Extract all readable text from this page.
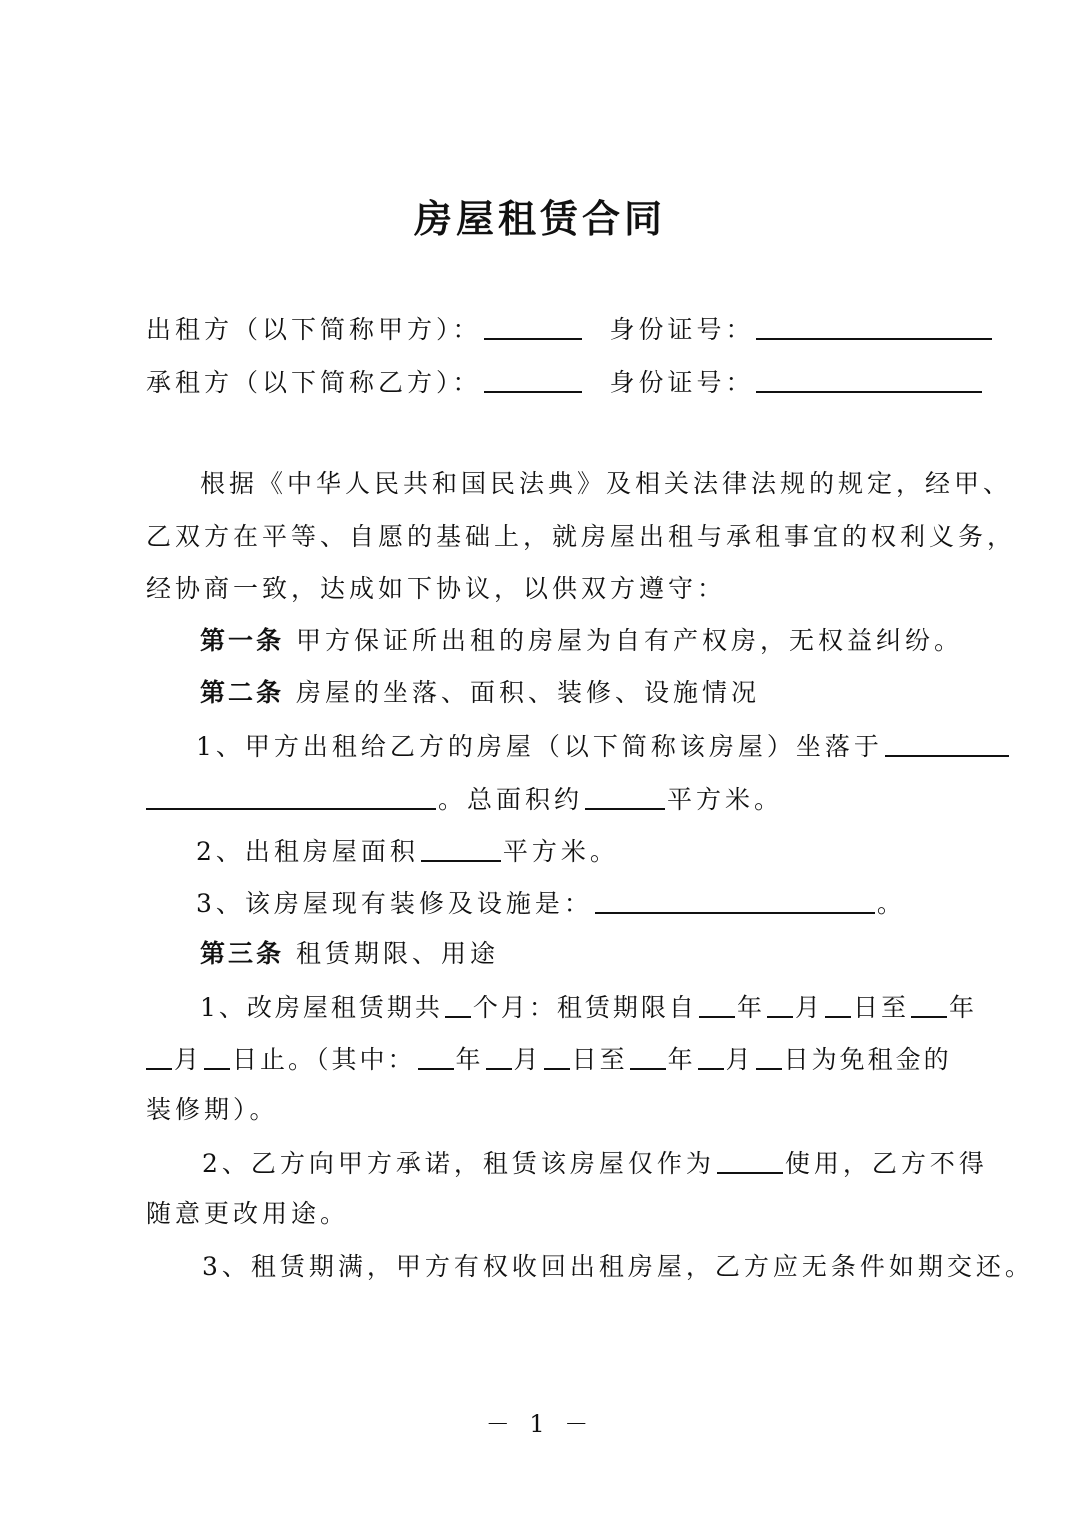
房屋租赁合同
出租方（以下简称甲方）：	身份证号：
承租方（以下简称乙方）：	身份证号：
根据《中华人民共和国民法典》及相关法律法规的规定，经甲、
乙双方在平等、自愿的基础上，就房屋出租与承租事宜的权利义务，
经协商一致，达成如下协议，以供双方遵守：
第一条 甲方保证所出租的房屋为自有产权房，无权益纠纷。
第二条 房屋的坐落、面积、装修、设施情况
1、甲方出租给乙方的房屋（以下简称该房屋）坐落于
。总面积约	平方米。
2、出租房屋面积	平方米。
3、该房屋现有装修及设施是：	。
第三条 租赁期限、用途
1、改房屋租赁期共 个月：租赁期限自 年 月 日至 年
月 日止。（其中： 年 月 日至 年 月 日为免租金的
装修期）。
2、乙方向甲方承诺，租赁该房屋仅作为	使用，乙方不得
随意更改用途。
3、租赁期满，甲方有权收回出租房屋，乙方应无条件如期交还。
－ 1 －
